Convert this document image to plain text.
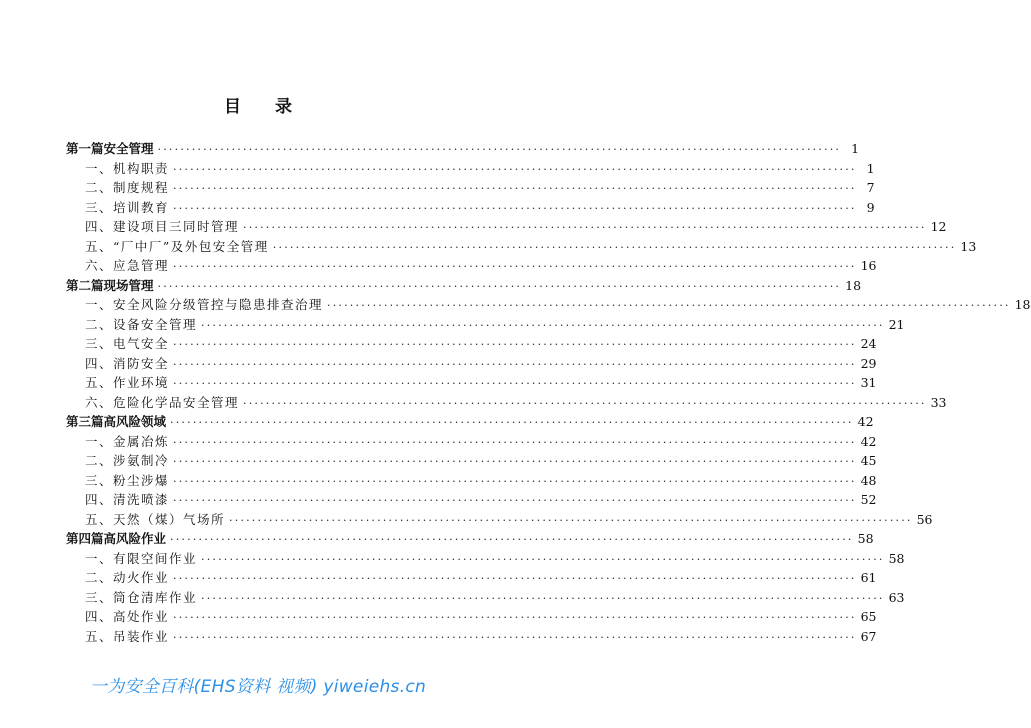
目 录
第一篇 安全管理 ........................................................................................................................ 1
一、机构职责 ........................................................................................................................ 1
二、制度规程 ........................................................................................................................ 7
三、培训教育 ........................................................................................................................ 9
四、建设项目三同时管理 ........................................................................................................................ 12
五、“厂中厂”及外包安全管理 ........................................................................................................................ 13
六、应急管理 ........................................................................................................................ 16
第二篇 现场管理 ........................................................................................................................ 18
一、安全风险分级管控与隐患排查治理 ........................................................................................................................ 18
二、设备安全管理 ........................................................................................................................ 21
三、电气安全 ........................................................................................................................ 24
四、消防安全 ........................................................................................................................ 29
五、作业环境 ........................................................................................................................ 31
六、危险化学品安全管理 ........................................................................................................................ 33
第三篇 高风险领域 ........................................................................................................................ 42
一、金属冶炼 ........................................................................................................................ 42
二、涉氨制冷 ........................................................................................................................ 45
三、粉尘涉爆 ........................................................................................................................ 48
四、清洗喷漆 ........................................................................................................................ 52
五、天然（煤）气场所 ........................................................................................................................ 56
第四篇 高风险作业 ........................................................................................................................ 58
一、有限空间作业 ........................................................................................................................ 58
二、动火作业 ........................................................................................................................ 61
三、筒仓清库作业 ........................................................................................................................ 63
四、高处作业 ........................................................................................................................ 65
五、吊装作业 ........................................................................................................................ 67
一为安全百科(EHS资料 视频) yiweiehs.cn
